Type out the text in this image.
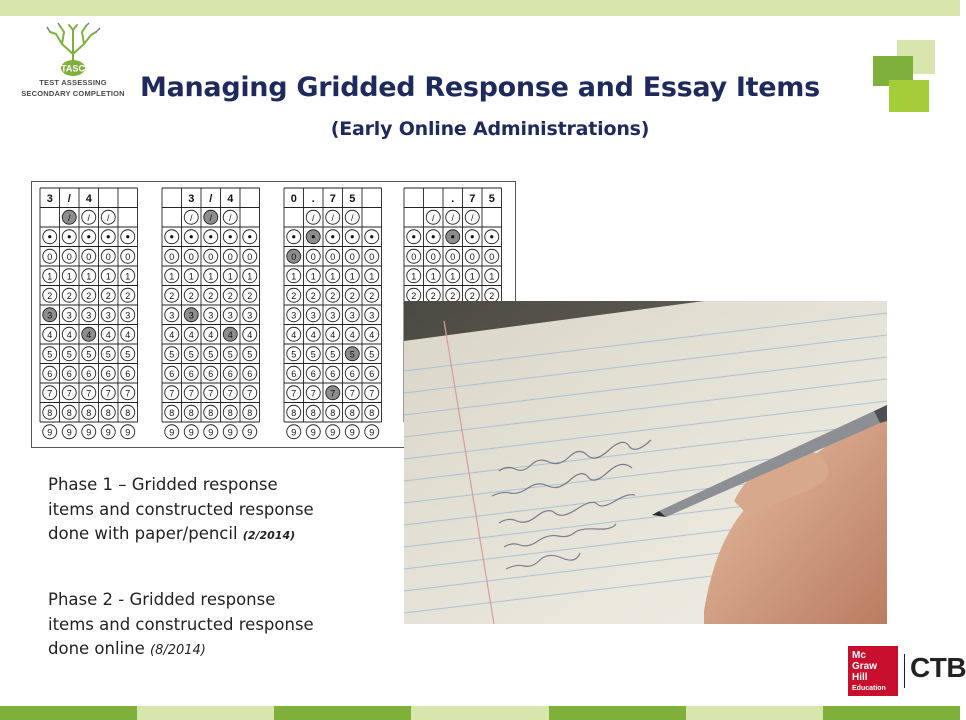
TASC
TEST ASSESSING
SECONDARY COMPLETION Managing Gridded Response and Essay Items
(Early Online Administrations)
3 / 4
/ / /
0 0 0 0 0
1 1 1 1 1
2 2 2 2 2
3 3 3 3 3
4 4 4 4 4
5 5 5 5 5
6 6 6 6 6
7 7 7 7 7
8 8 8 8 8
9 9 9 9 9
3 / 4
/ / /
0 0 0 0 0
1 1 1 1 1
2 2 2 2 2
3 3 3 3 3
4 4 4 4 4
5 5 5 5 5
6 6 6 6 6
7 7 7 7 7
8 8 8 8 8
9 9 9 9 9
0 . 7 5
/ / /
0 0 0 0 0
1 1 1 1 1
2 2 2 2 2
3 3 3 3 3
4 4 4 4 4
5 5 5 5 5
6 6 6 6 6
7 7 7 7 7
8 8 8 8 8
9 9 9 9 9
. 7 5
/ / /
0 0 0 0 0
1 1 1 1 1
2 2 2 2 2
Phase 1 – Gridded response
items and constructed response
done with paper/pencil (2/2014)
Phase 2 - Gridded response
items and constructed response
done online (8/2014)	Mc
Graw
Hill
Education
CTB
